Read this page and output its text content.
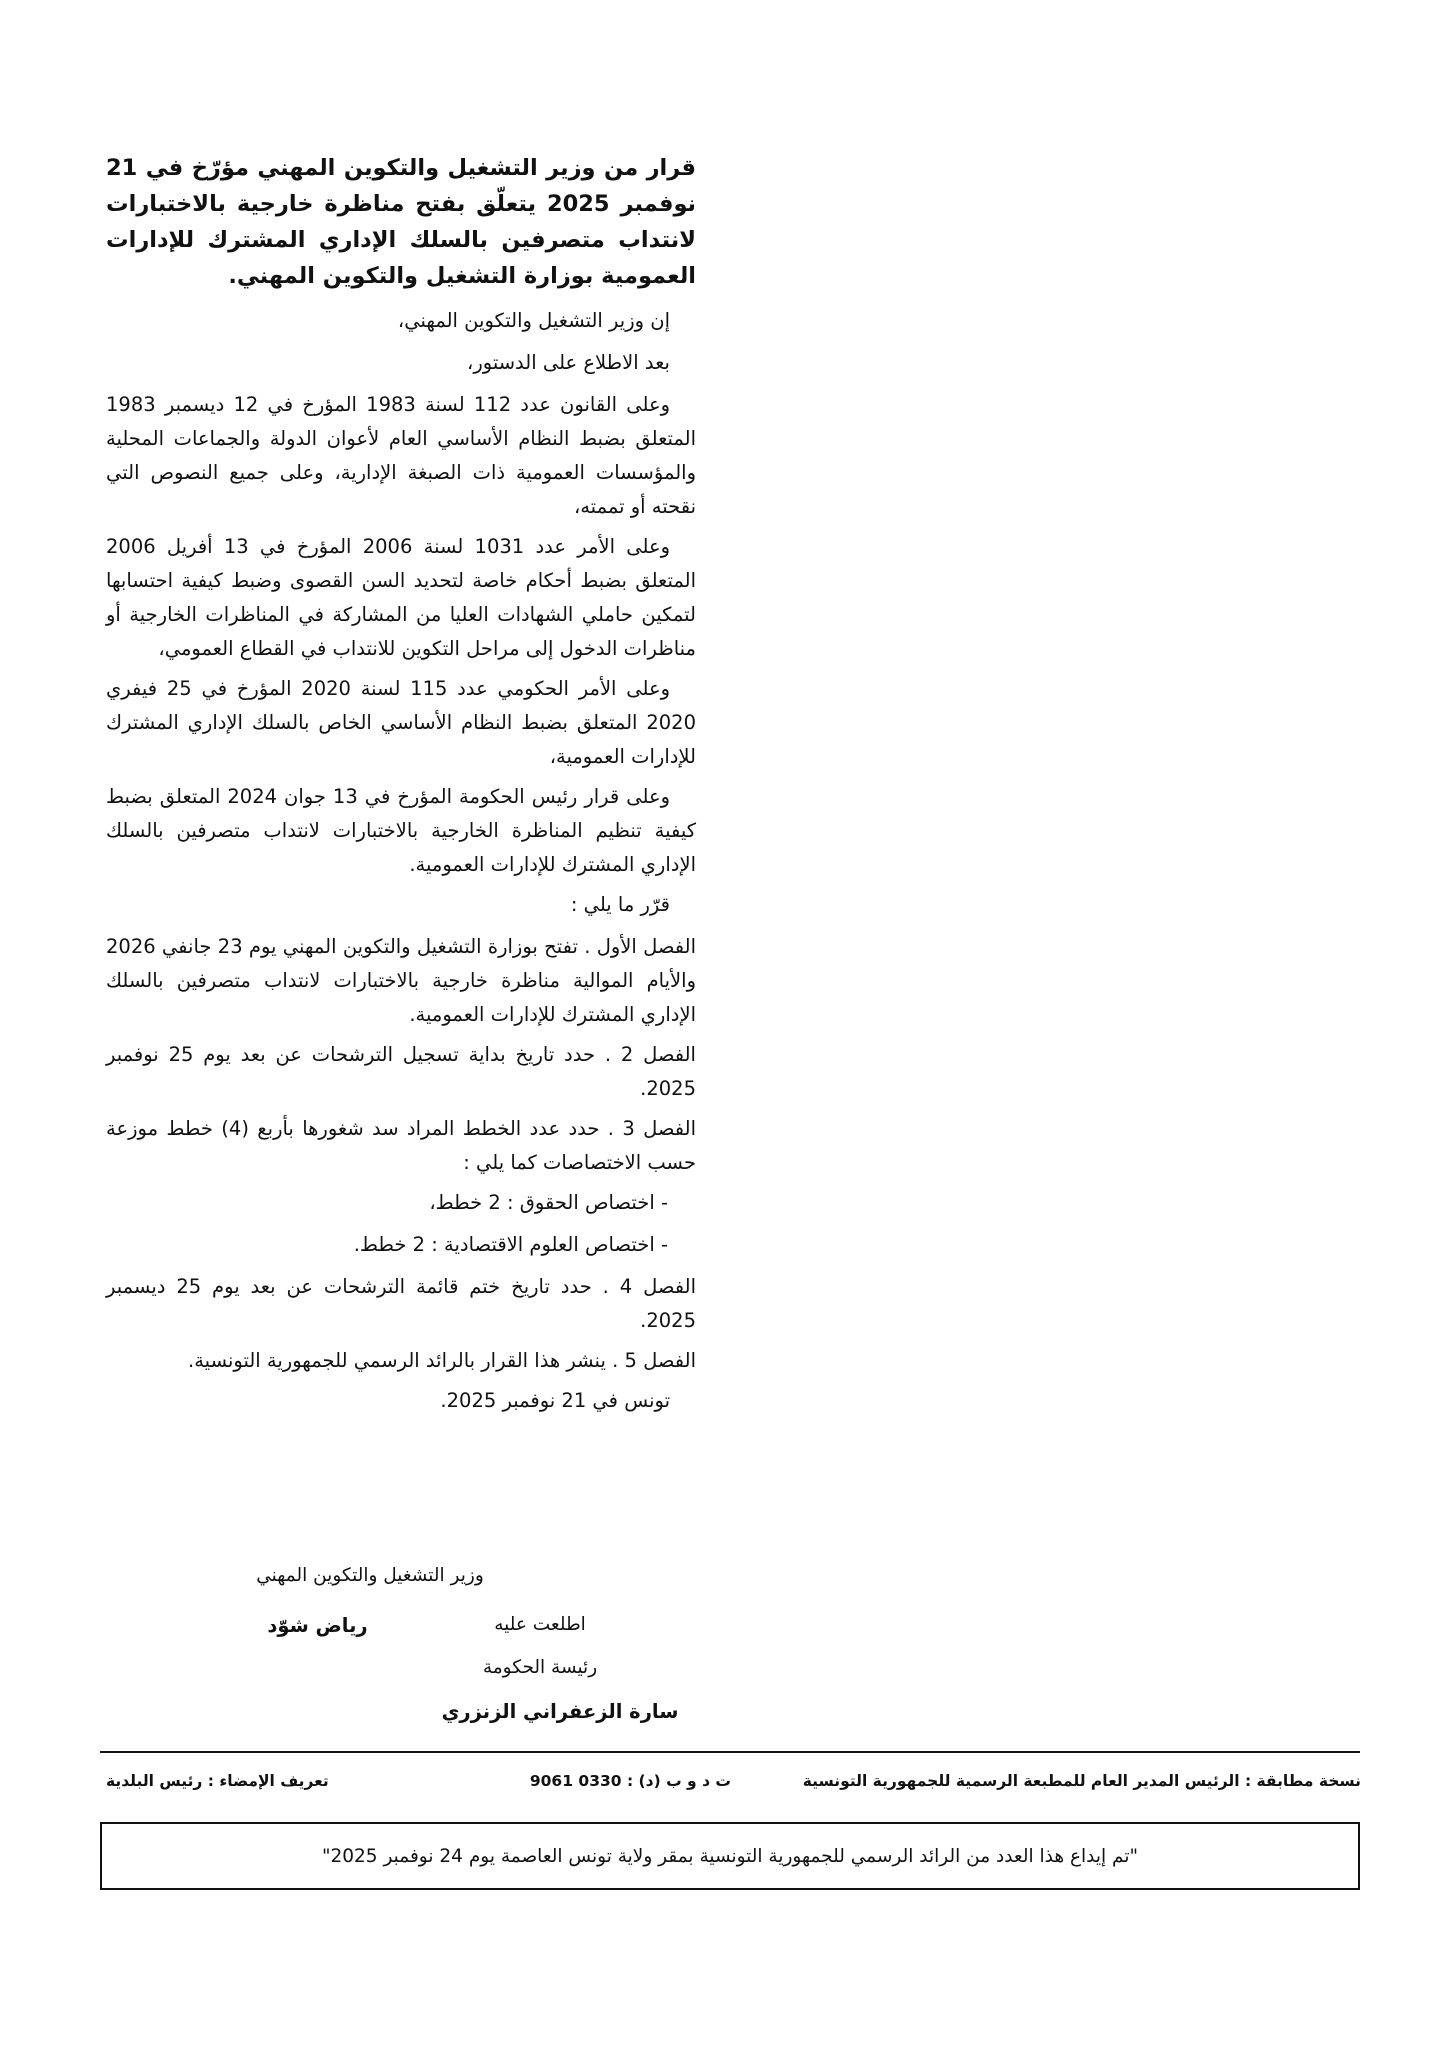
قرار من وزير التشغيل والتكوين المهني مؤرّخ في 21 نوفمبر 2025 يتعلّق بفتح مناظرة خارجية بالاختبارات لانتداب متصرفين بالسلك الإداري المشترك للإدارات العمومية بوزارة التشغيل والتكوين المهني.

إن وزير التشغيل والتكوين المهني،

بعد الاطلاع على الدستور،

وعلى القانون عدد 112 لسنة 1983 المؤرخ في 12 ديسمبر 1983 المتعلق بضبط النظام الأساسي العام لأعوان الدولة والجماعات المحلية والمؤسسات العمومية ذات الصبغة الإدارية، وعلى جميع النصوص التي نقحته أو تممته،

وعلى الأمر عدد 1031 لسنة 2006 المؤرخ في 13 أفريل 2006 المتعلق بضبط أحكام خاصة لتحديد السن القصوى وضبط كيفية احتسابها لتمكين حاملي الشهادات العليا من المشاركة في المناظرات الخارجية أو مناظرات الدخول إلى مراحل التكوين للانتداب في القطاع العمومي،

وعلى الأمر الحكومي عدد 115 لسنة 2020 المؤرخ في 25 فيفري 2020 المتعلق بضبط النظام الأساسي الخاص بالسلك الإداري المشترك للإدارات العمومية،

وعلى قرار رئيس الحكومة المؤرخ في 13 جوان 2024 المتعلق بضبط كيفية تنظيم المناظرة الخارجية بالاختبارات لانتداب متصرفين بالسلك الإداري المشترك للإدارات العمومية.

قرّر ما يلي :

الفصل الأول . تفتح بوزارة التشغيل والتكوين المهني يوم 23 جانفي 2026 والأيام الموالية مناظرة خارجية بالاختبارات لانتداب متصرفين بالسلك الإداري المشترك للإدارات العمومية.

الفصل 2 . حدد تاريخ بداية تسجيل الترشحات عن بعد يوم 25 نوفمبر 2025.

الفصل 3 . حدد عدد الخطط المراد سد شغورها بأربع (4) خطط موزعة حسب الاختصاصات كما يلي :

- اختصاص الحقوق : 2 خطط،

- اختصاص العلوم الاقتصادية : 2 خطط.

الفصل 4 . حدد تاريخ ختم قائمة الترشحات عن بعد يوم 25 ديسمبر 2025.

الفصل 5 . ينشر هذا القرار بالرائد الرسمي للجمهورية التونسية.

تونس في 21 نوفمبر 2025.

وزير التشغيل والتكوين المهني
رياض شوّد	اطلعت عليه
رئيسة الحكومة
سارة الزعفراني الزنزري
نسخة مطابقة : الرئيس المدير العام للمطبعة الرسمية للجمهورية التونسية
ت د و ب (د) : 0330 9061
تعريف الإمضاء : رئيس البلدية
"تم إيداع هذا العدد من الرائد الرسمي للجمهورية التونسية بمقر ولاية تونس العاصمة يوم 24 نوفمبر 2025"
